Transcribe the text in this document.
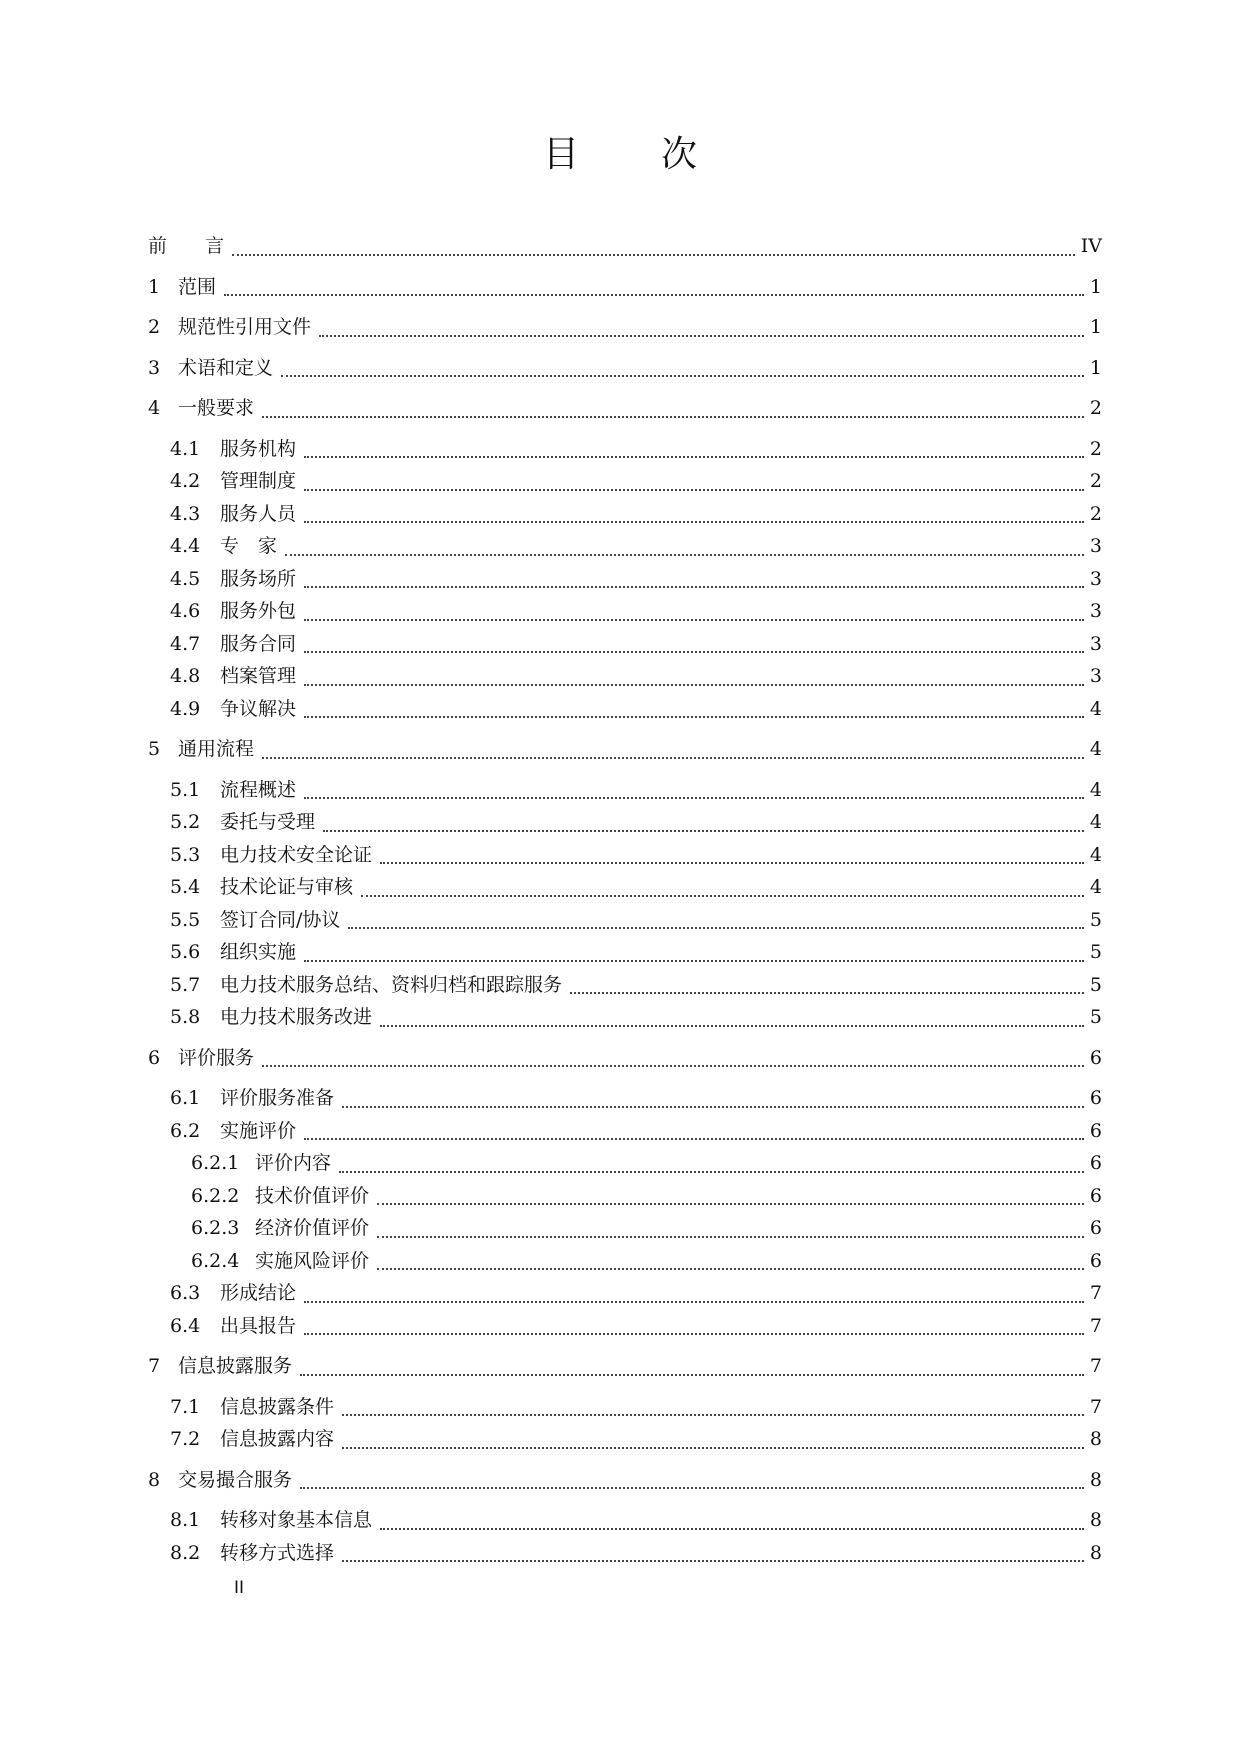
目 次
前　　言	IV
1 范围	1
2 规范性引用文件	1
3 术语和定义	1
4 一般要求	2
4.1	服务机构	2
4.2	管理制度	2
4.3	服务人员	2
4.4	专　家	3
4.5	服务场所	3
4.6	服务外包	3
4.7	服务合同	3
4.8	档案管理	3
4.9	争议解决	4
5 通用流程	4
5.1	流程概述	4
5.2	委托与受理	4
5.3	电力技术安全论证	4
5.4	技术论证与审核	4
5.5	签订合同/协议	5
5.6	组织实施	5
5.7	电力技术服务总结、资料归档和跟踪服务	5
5.8	电力技术服务改进	5
6 评价服务	6
6.1	评价服务准备	6
6.2	实施评价	6
6.2.1 评价内容	6
6.2.2 技术价值评价	6
6.2.3 经济价值评价	6
6.2.4 实施风险评价	6
6.3	形成结论	7
6.4	出具报告	7
7 信息披露服务	7
7.1	信息披露条件	7
7.2	信息披露内容	8
8 交易撮合服务	8
8.1	转移对象基本信息	8
8.2	转移方式选择	8
II
